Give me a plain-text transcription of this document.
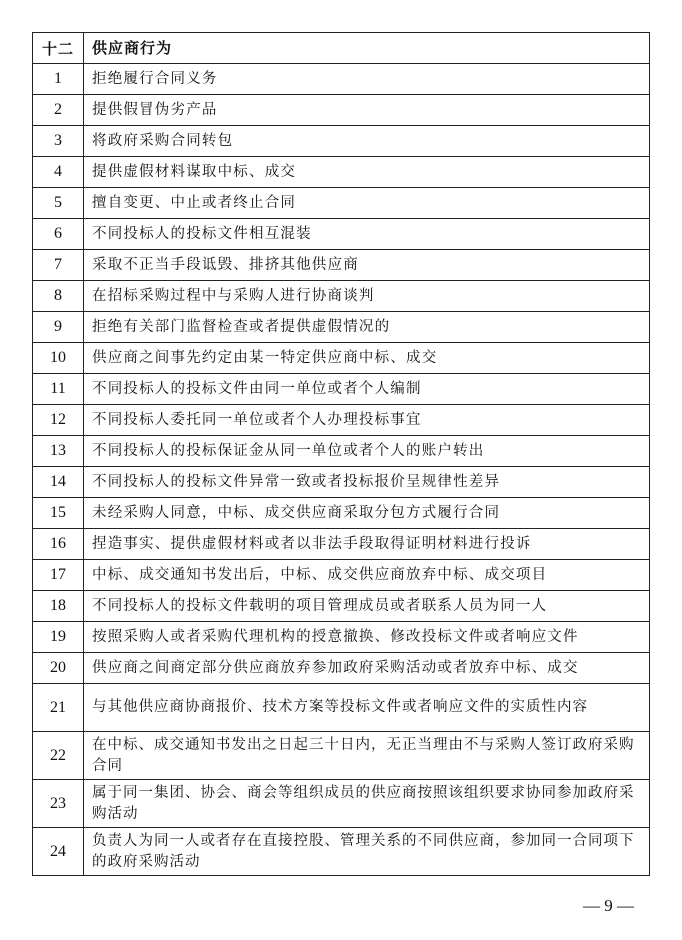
十二	供应商行为
1	拒绝履行合同义务
2	提供假冒伪劣产品
3	将政府采购合同转包
4	提供虚假材料谋取中标、成交
5	擅自变更、中止或者终止合同
6	不同投标人的投标文件相互混装
7	采取不正当手段诋毁、排挤其他供应商
8	在招标采购过程中与采购人进行协商谈判
9	拒绝有关部门监督检查或者提供虚假情况的
10	供应商之间事先约定由某一特定供应商中标、成交
11	不同投标人的投标文件由同一单位或者个人编制
12	不同投标人委托同一单位或者个人办理投标事宜
13	不同投标人的投标保证金从同一单位或者个人的账户转出
14	不同投标人的投标文件异常一致或者投标报价呈规律性差异
15	未经采购人同意，中标、成交供应商采取分包方式履行合同
16	捏造事实、提供虚假材料或者以非法手段取得证明材料进行投诉
17	中标、成交通知书发出后，中标、成交供应商放弃中标、成交项目
18	不同投标人的投标文件载明的项目管理成员或者联系人员为同一人
19	按照采购人或者采购代理机构的授意撤换、修改投标文件或者响应文件
20	供应商之间商定部分供应商放弃参加政府采购活动或者放弃中标、成交
21	与其他供应商协商报价、技术方案等投标文件或者响应文件的实质性内容
22	在中标、成交通知书发出之日起三十日内，无正当理由不与采购人签订政府采购合同
23	属于同一集团、协会、商会等组织成员的供应商按照该组织要求协同参加政府采购活动
24	负责人为同一人或者存在直接控股、管理关系的不同供应商，参加同一合同项下的政府采购活动
— 9 —
